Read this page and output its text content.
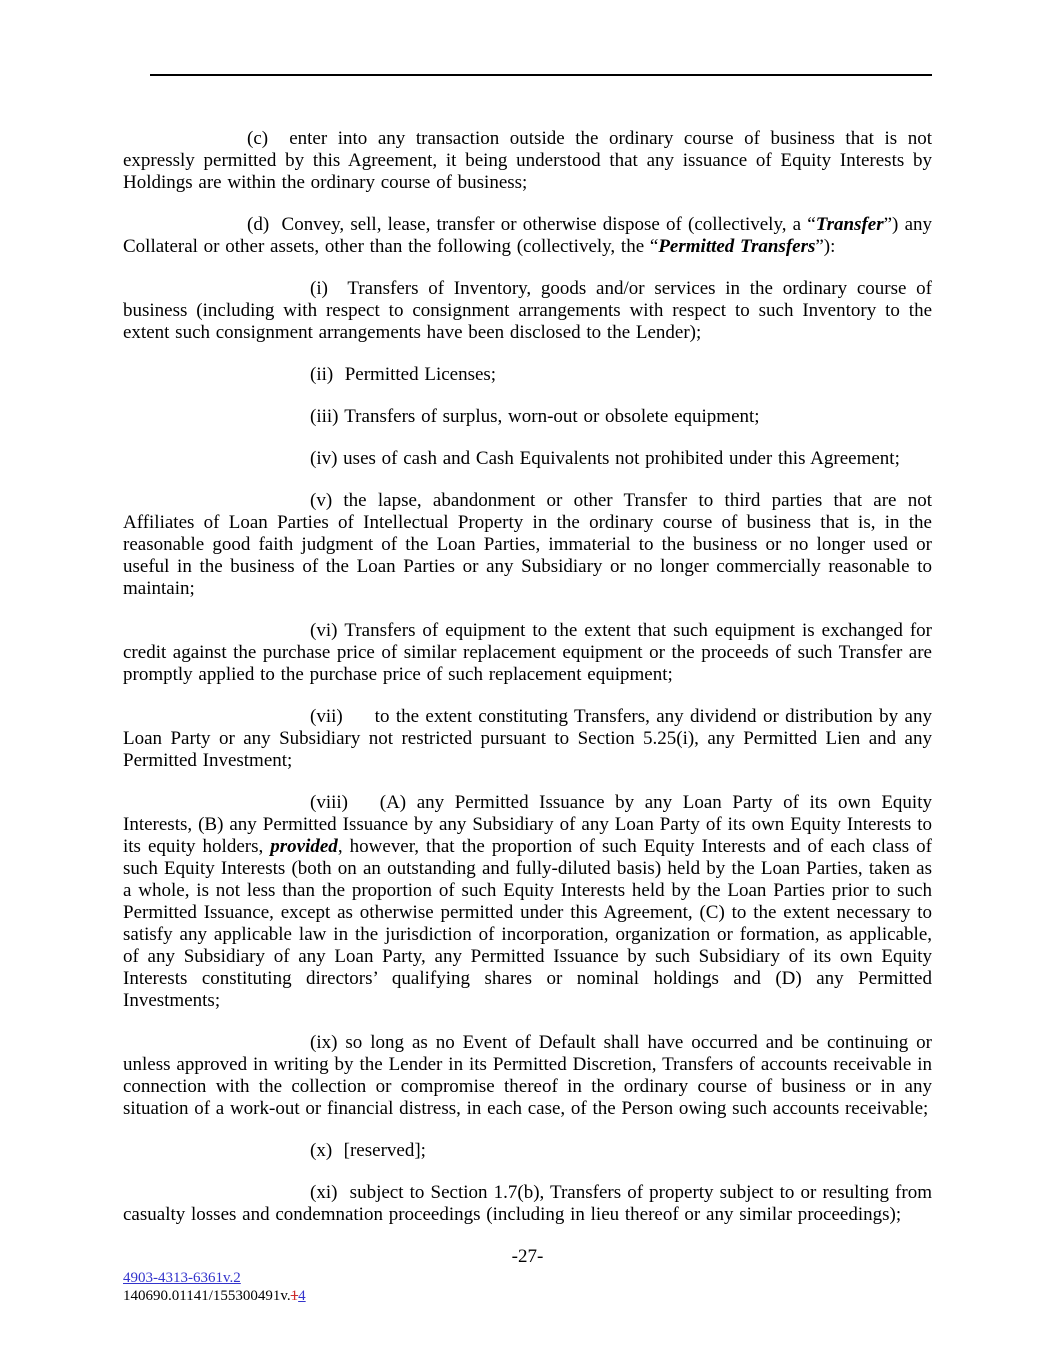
(c)  enter into any transaction outside the ordinary course of business that is not expressly permitted by this Agreement, it being understood that any issuance of Equity Interests by Holdings are within the ordinary course of business;

(d)  Convey, sell, lease, transfer or otherwise dispose of (collectively, a “Transfer”) any Collateral or other assets, other than the following (collectively, the “Permitted Transfers”):

(i)  Transfers of Inventory, goods and/or services in the ordinary course of business (including with respect to consignment arrangements with respect to such Inventory to the extent such consignment arrangements have been disclosed to the Lender);

(ii)  Permitted Licenses;

(iii) Transfers of surplus, worn-out or obsolete equipment;

(iv) uses of cash and Cash Equivalents not prohibited under this Agreement;

(v) the lapse, abandonment or other Transfer to third parties that are not Affiliates of Loan Parties of Intellectual Property in the ordinary course of business that is, in the reasonable good faith judgment of the Loan Parties, immaterial to the business or no longer used or useful in the business of the Loan Parties or any Subsidiary or no longer commercially reasonable to maintain;

(vi) Transfers of equipment to the extent that such equipment is exchanged for credit against the purchase price of similar replacement equipment or the proceeds of such Transfer are promptly applied to the purchase price of such replacement equipment;

(vii)     to the extent constituting Transfers, any dividend or distribution by any Loan Party or any Subsidiary not restricted pursuant to Section 5.25(i), any Permitted Lien and any Permitted Investment;

(viii)   (A) any Permitted Issuance by any Loan Party of its own Equity Interests, (B) any Permitted Issuance by any Subsidiary of any Loan Party of its own Equity Interests to its equity holders, provided, however, that the proportion of such Equity Interests and of each class of such Equity Interests (both on an outstanding and fully-diluted basis) held by the Loan Parties, taken as a whole, is not less than the proportion of such Equity Interests held by the Loan Parties prior to such Permitted Issuance, except as otherwise permitted under this Agreement, (C) to the extent necessary to satisfy any applicable law in the jurisdiction of incorporation, organization or formation, as applicable, of any Subsidiary of any Loan Party, any Permitted Issuance by such Subsidiary of its own Equity Interests constituting directors’ qualifying shares or nominal holdings and (D) any Permitted Investments;

(ix) so long as no Event of Default shall have occurred and be continuing or unless approved in writing by the Lender in its Permitted Discretion, Transfers of accounts receivable in connection with the collection or compromise thereof in the ordinary course of business or in any situation of a work-out or financial distress, in each case, of the Person owing such accounts receivable;

(x)  [reserved];

(xi)  subject to Section 1.7(b), Transfers of property subject to or resulting from casualty losses and condemnation proceedings (including in lieu thereof or any similar proceedings);

-27-
4903-4313-6361v.2
140690.01141/155300491v.14
